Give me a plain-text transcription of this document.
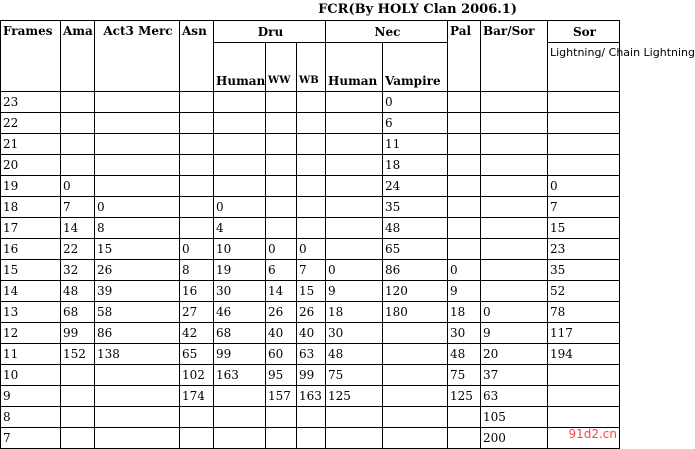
				FCR(By HOLY Clan 2006.1)							
Frames	Ama	Act3 Merc	Asn	Dru			Nec		Pal	Bar/Sor	Sor
				Human	WW	WB	Human	Vampire			Lightning/ Chain Lightning
23								0			
22								6			
21								11			
20								18			
19	0							24			0
18	7	0		0				35			7
17	14	8		4				48			15
16	22	15	0	10	0	0		65			23
15	32	26	8	19	6	7	0	86	0		35
14	48	39	16	30	14	15	9	120	9		52
13	68	58	27	46	26	26	18	180	18	0	78
12	99	86	42	68	40	40	30		30	9	117
11	152	138	65	99	60	63	48		48	20	194
10			102	163	95	99	75		75	37	
9			174		157	163	125		125	63	
8										105	
7										200		91d2.cn
